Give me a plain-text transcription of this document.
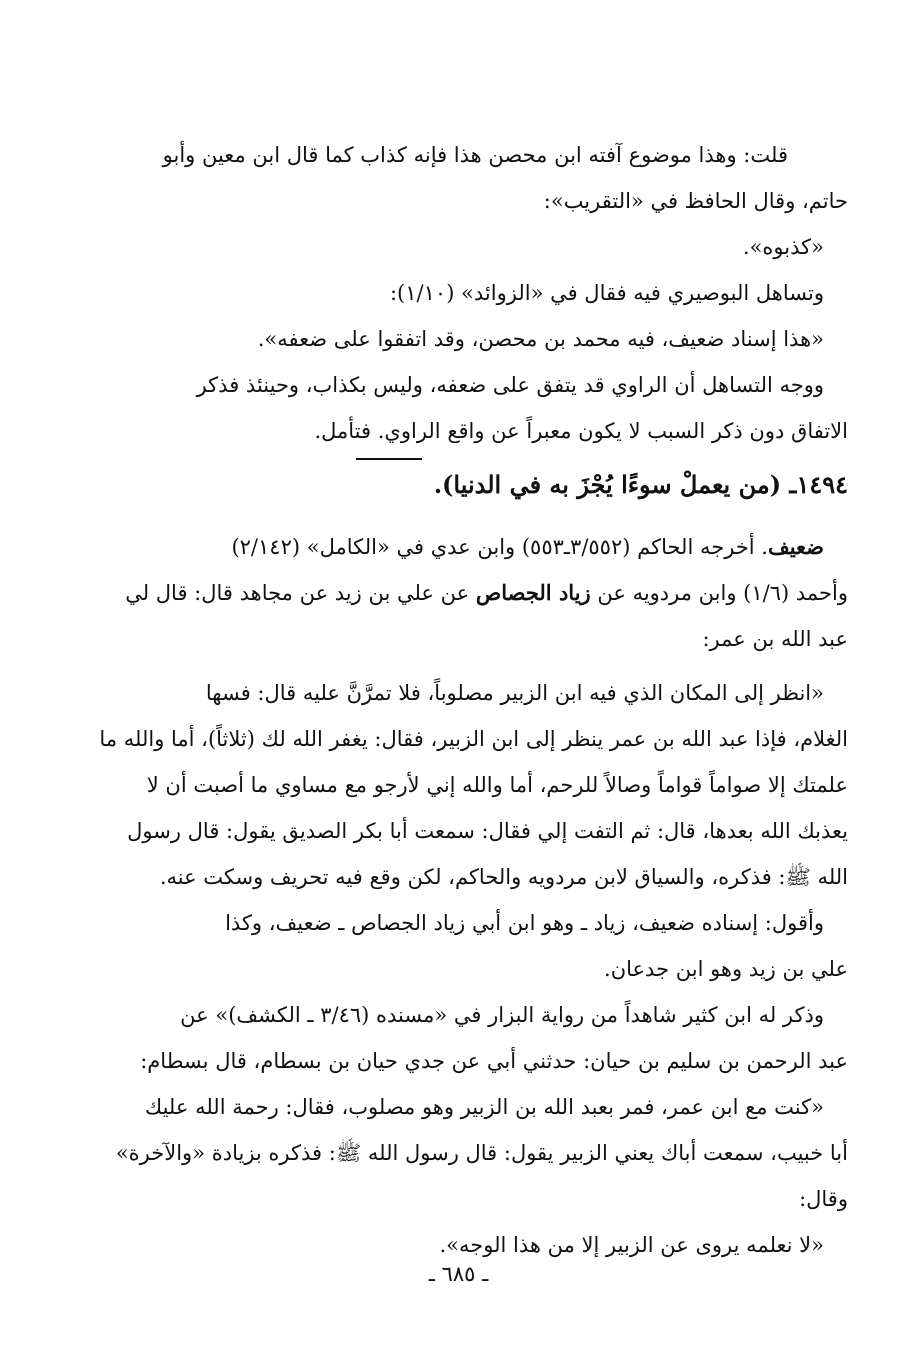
قلت: وهذا موضوع آفته ابن محصن هذا فإنه كذاب كما قال ابن معين وأبو
حاتم، وقال الحافظ في «التقريب»:
«كذبوه».
وتساهل البوصيري فيه فقال في «الزوائد» (١/١٠):
«هذا إسناد ضعيف، فيه محمد بن محصن، وقد اتفقوا على ضعفه».
ووجه التساهل أن الراوي قد يتفق على ضعفه، وليس بكذاب، وحينئذ فذكر
الاتفاق دون ذكر السبب لا يكون معبراً عن واقع الراوي. فتأمل.
١٤٩٤ـ (من يعملْ سوءًا يُجْزَ به في الدنيا).
ضعيف. أخرجه الحاكم (٣/٥٥٢ـ٥٥٣) وابن عدي في «الكامل» (٢/١٤٢)
وأحمد (١/٦) وابن مردويه عن زياد الجصاص عن علي بن زيد عن مجاهد قال: قال لي
عبد الله بن عمر:
«انظر إلى المكان الذي فيه ابن الزبير مصلوباً، فلا تمرَّنَّ عليه قال: فسها
الغلام، فإذا عبد الله بن عمر ينظر إلى ابن الزبير، فقال: يغفر الله لك (ثلاثاً)، أما والله ما
علمتك إلا صواماً قواماً وصالاً للرحم، أما والله إني لأرجو مع مساوي ما أصبت أن لا
يعذبك الله بعدها، قال: ثم التفت إلي فقال: سمعت أبا بكر الصديق يقول: قال رسول
الله ﷺ: فذكره، والسياق لابن مردويه والحاكم، لكن وقع فيه تحريف وسكت عنه.
وأقول: إسناده ضعيف، زياد ـ وهو ابن أبي زياد الجصاص ـ ضعيف، وكذا
علي بن زيد وهو ابن جدعان.
وذكر له ابن كثير شاهداً من رواية البزار في «مسنده (٣/٤٦ ـ الكشف)» عن
عبد الرحمن بن سليم بن حيان: حدثني أبي عن جدي حيان بن بسطام، قال بسطام:
«كنت مع ابن عمر، فمر بعبد الله بن الزبير وهو مصلوب، فقال: رحمة الله عليك
أبا خبيب، سمعت أباك يعني الزبير يقول: قال رسول الله ﷺ: فذكره بزيادة «والآخرة»
وقال:
«لا نعلمه يروى عن الزبير إلا من هذا الوجه».
ـ ٦٨٥ ـ
